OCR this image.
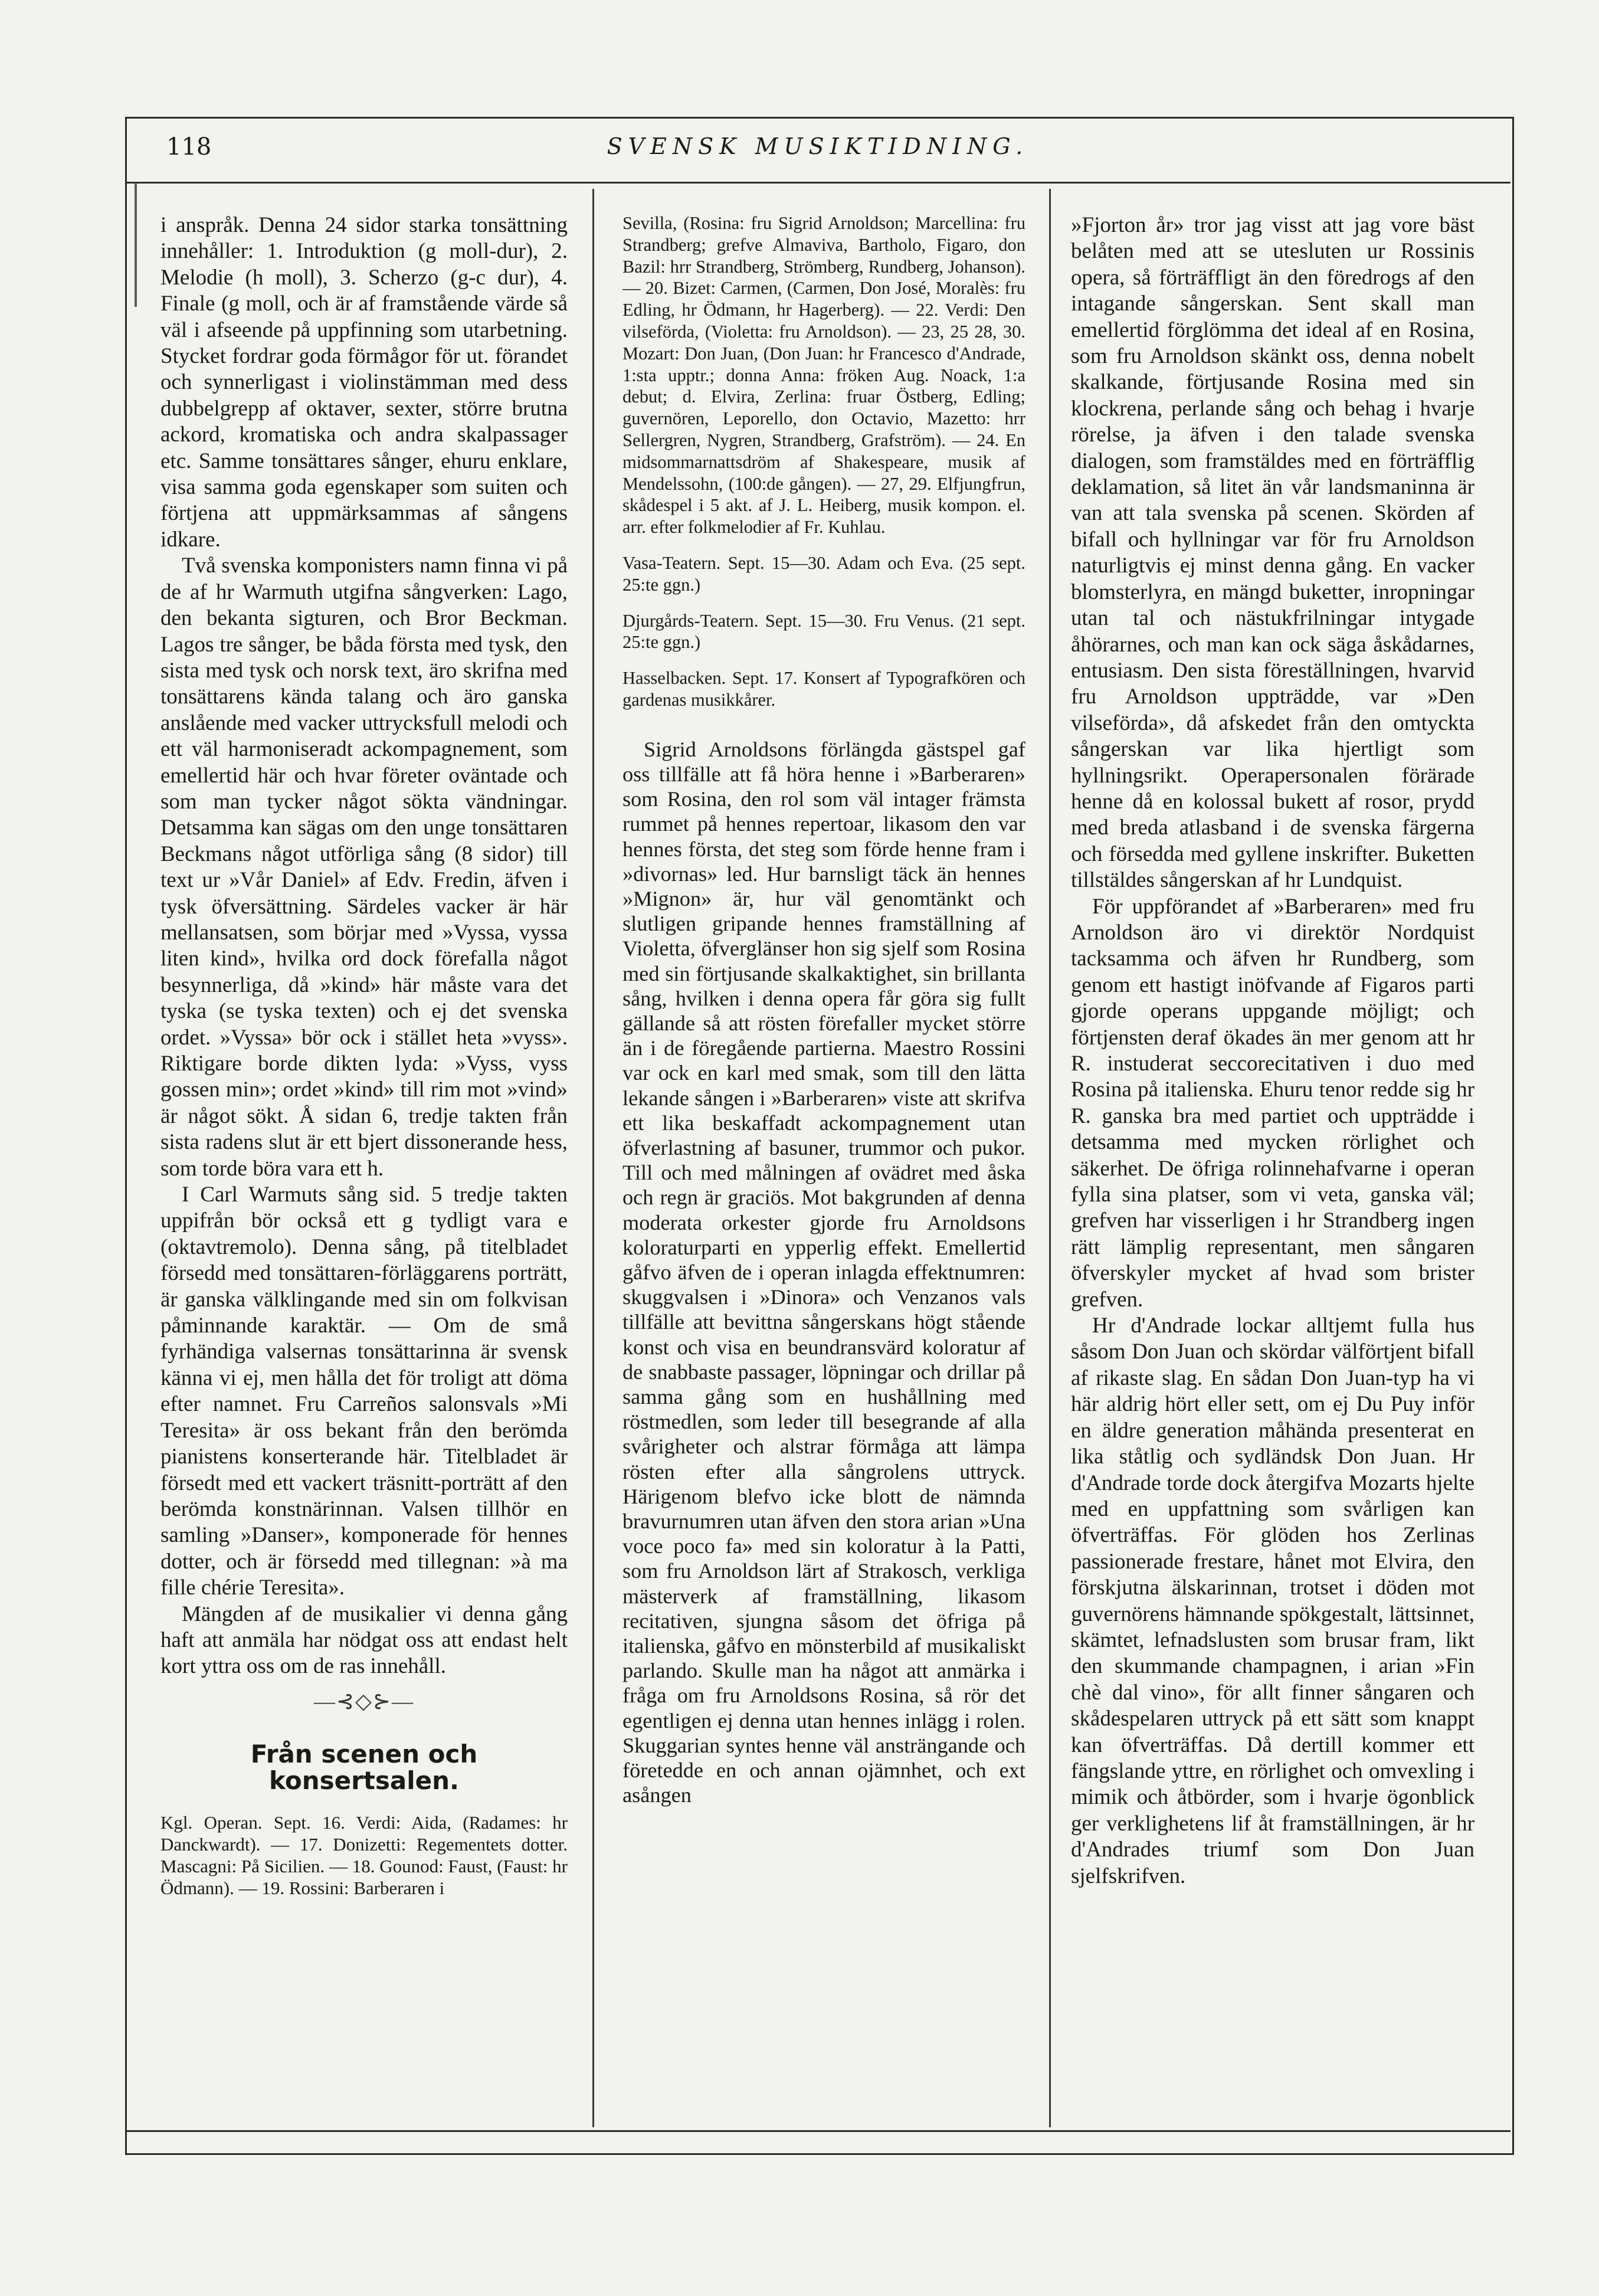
118	SVENSK MUSIKTIDNING.

i anspråk. Denna 24 sidor starka tonsättning innehåller: 1. Introduktion (g moll-dur), 2. Melodie (h moll), 3. Scherzo (g-c dur), 4. Finale (g moll, och är af framstående värde så väl i afseende på uppfinning som utarbetning. Stycket fordrar goda förmågor för ut. förandet och synnerligast i violinstämman med dess dubbelgrepp af oktaver, sexter, större brutna ackord, kromatiska och andra skalpassager etc. Samme tonsättares sånger, ehuru enklare, visa samma goda egenskaper som suiten och förtjena att uppmärksammas af sångens idkare.

Två svenska komponisters namn finna vi på de af hr Warmuth utgifna sångverken: Lago, den bekanta sigturen, och Bror Beckman. Lagos tre sånger, be båda första med tysk, den sista med tysk och norsk text, äro skrifna med tonsättarens kända talang och äro ganska anslående med vacker uttrycksfull melodi och ett väl harmoniseradt ackompagnement, som emellertid här och hvar företer oväntade och som man tycker något sökta vändningar. Detsamma kan sägas om den unge tonsättaren Beckmans något utförliga sång (8 sidor) till text ur »Vår Daniel» af Edv. Fredin, äfven i tysk öfversättning. Särdeles vacker är här mellansatsen, som börjar med »Vyssa, vyssa liten kind», hvilka ord dock förefalla något besynnerliga, då »kind» här måste vara det tyska (se tyska texten) och ej det svenska ordet. »Vyssa» bör ock i stället heta »vyss». Riktigare borde dikten lyda: »Vyss, vyss gossen min»; ordet »kind» till rim mot »vind» är något sökt. Å sidan 6, tredje takten från sista radens slut är ett bjert dissonerande hess, som torde böra vara ett h.

I Carl Warmuts sång sid. 5 tredje takten uppifrån bör också ett g tydligt vara e (oktavtremolo). Denna sång, på titelbladet försedd med tonsättaren-förläggarens porträtt, är ganska välklingande med sin om folkvisan påminnande karaktär. — Om de små fyrhändiga valsernas tonsättarinna är svensk känna vi ej, men hålla det för troligt att döma efter namnet. Fru Carreños salonsvals »Mi Teresita» är oss bekant från den berömda pianistens konserterande här. Titelbladet är försedt med ett vackert träsnitt-porträtt af den berömda konstnärinnan. Valsen tillhör en samling »Danser», komponerade för hennes dotter, och är försedd med tillegnan: »à ma fille chérie Teresita».

Mängden af de musikalier vi denna gång haft att anmäla har nödgat oss att endast helt kort yttra oss om de ras innehåll.

—⊰◇⊱—
Från scenen och konsertsalen.

Kgl. Operan. Sept. 16. Verdi: Aida, (Radames: hr Danckwardt). — 17. Donizetti: Regementets dotter. Mascagni: På Sicilien. — 18. Gounod: Faust, (Faust: hr Ödmann). — 19. Rossini: Barberaren i

Sevilla, (Rosina: fru Sigrid Arnoldson; Marcellina: fru Strandberg; grefve Almaviva, Bartholo, Figaro, don Bazil: hrr Strandberg, Strömberg, Rundberg, Johanson). — 20. Bizet: Carmen, (Carmen, Don José, Moralès: fru Edling, hr Ödmann, hr Hagerberg). — 22. Verdi: Den vilseförda, (Violetta: fru Arnoldson). — 23, 25 28, 30. Mozart: Don Juan, (Don Juan: hr Francesco d'Andrade, 1:sta upptr.; donna Anna: fröken Aug. Noack, 1:a debut; d. Elvira, Zerlina: fruar Östberg, Edling; guvernören, Leporello, don Octavio, Mazetto: hrr Sellergren, Nygren, Strandberg, Grafström). — 24. En midsommarnattsdröm af Shakespeare, musik af Mendelssohn, (100:de gången). — 27, 29. Elfjungfrun, skådespel i 5 akt. af J. L. Heiberg, musik kompon. el. arr. efter folkmelodier af Fr. Kuhlau.

Vasa-Teatern. Sept. 15—30. Adam och Eva. (25 sept. 25:te ggn.)

Djurgårds-Teatern. Sept. 15—30. Fru Venus. (21 sept. 25:te ggn.)

Hasselbacken. Sept. 17. Konsert af Typografkören och gardenas musikkårer.

Sigrid Arnoldsons förlängda gästspel gaf oss tillfälle att få höra henne i »Barberaren» som Rosina, den rol som väl intager främsta rummet på hennes repertoar, likasom den var hennes första, det steg som förde henne fram i »divornas» led. Hur barnsligt täck än hennes »Mignon» är, hur väl genomtänkt och slutligen gripande hennes framställning af Violetta, öfverglänser hon sig sjelf som Rosina med sin förtjusande skalkaktighet, sin brillanta sång, hvilken i denna opera får göra sig fullt gällande så att rösten förefaller mycket större än i de föregående partierna. Maestro Rossini var ock en karl med smak, som till den lätta lekande sången i »Barberaren» viste att skrifva ett lika beskaffadt ackompagnement utan öfverlastning af basuner, trummor och pukor. Till och med målningen af ovädret med åska och regn är graciös. Mot bakgrunden af denna moderata orkester gjorde fru Arnoldsons koloraturparti en ypperlig effekt. Emellertid gåfvo äfven de i operan inlagda effektnumren: skuggvalsen i »Dinora» och Venzanos vals tillfälle att bevittna sångerskans högt stående konst och visa en beundransvärd koloratur af de snabbaste passager, löpningar och drillar på samma gång som en hushållning med röstmedlen, som leder till besegrande af alla svårigheter och alstrar förmåga att lämpa rösten efter alla sångrolens uttryck. Härigenom blefvo icke blott de nämnda bravurnumren utan äfven den stora arian »Una voce poco fa» med sin koloratur à la Patti, som fru Arnoldson lärt af Strakosch, verkliga mästerverk af framställning, likasom recitativen, sjungna såsom det öfriga på italienska, gåfvo en mönsterbild af musikaliskt parlando. Skulle man ha något att anmärka i fråga om fru Arnoldsons Rosina, så rör det egentligen ej denna utan hennes inlägg i rolen. Skuggarian syntes henne väl ansträngande och företedde en och annan ojämnhet, och ext asången

»Fjorton år» tror jag visst att jag vore bäst belåten med att se utesluten ur Rossinis opera, så förträffligt än den föredrogs af den intagande sångerskan. Sent skall man emellertid förglömma det ideal af en Rosina, som fru Arnoldson skänkt oss, denna nobelt skalkande, förtjusande Rosina med sin klockrena, perlande sång och behag i hvarje rörelse, ja äfven i den talade svenska dialogen, som framstäldes med en förträfflig deklamation, så litet än vår landsmaninna är van att tala svenska på scenen. Skörden af bifall och hyllningar var för fru Arnoldson naturligtvis ej minst denna gång. En vacker blomsterlyra, en mängd buketter, inropningar utan tal och nästukfrilningar intygade åhörarnes, och man kan ock säga åskådarnes, entusiasm. Den sista föreställningen, hvarvid fru Arnoldson uppträdde, var »Den vilseförda», då afskedet från den omtyckta sångerskan var lika hjertligt som hyllningsrikt. Operapersonalen förärade henne då en kolossal bukett af rosor, prydd med breda atlasband i de svenska färgerna och försedda med gyllene inskrifter. Buketten tillstäldes sångerskan af hr Lundquist.

För uppförandet af »Barberaren» med fru Arnoldson äro vi direktör Nordquist tacksamma och äfven hr Rundberg, som genom ett hastigt inöfvande af Figaros parti gjorde operans uppgande möjligt; och förtjensten deraf ökades än mer genom att hr R. instuderat seccorecitativen i duo med Rosina på italienska. Ehuru tenor redde sig hr R. ganska bra med partiet och uppträdde i detsamma med mycken rörlighet och säkerhet. De öfriga rolinnehafvarne i operan fylla sina platser, som vi veta, ganska väl; grefven har visserligen i hr Strandberg ingen rätt lämplig representant, men sångaren öfverskyler mycket af hvad som brister grefven.

Hr d'Andrade lockar alltjemt fulla hus såsom Don Juan och skördar välförtjent bifall af rikaste slag. En sådan Don Juan-typ ha vi här aldrig hört eller sett, om ej Du Puy inför en äldre generation måhända presenterat en lika ståtlig och sydländsk Don Juan. Hr d'Andrade torde dock återgifva Mozarts hjelte med en uppfattning som svårligen kan öfverträffas. För glöden hos Zerlinas passionerade frestare, hånet mot Elvira, den förskjutna älskarinnan, trotset i döden mot guvernörens hämnande spökgestalt, lättsinnet, skämtet, lefnadslusten som brusar fram, likt den skummande champagnen, i arian »Fin chè dal vino», för allt finner sångaren och skådespelaren uttryck på ett sätt som knappt kan öfverträffas. Då dertill kommer ett fängslande yttre, en rörlighet och omvexling i mimik och åtbörder, som i hvarje ögonblick ger verklighetens lif åt framställningen, är hr d'Andrades triumf som Don Juan sjelfskrifven.
